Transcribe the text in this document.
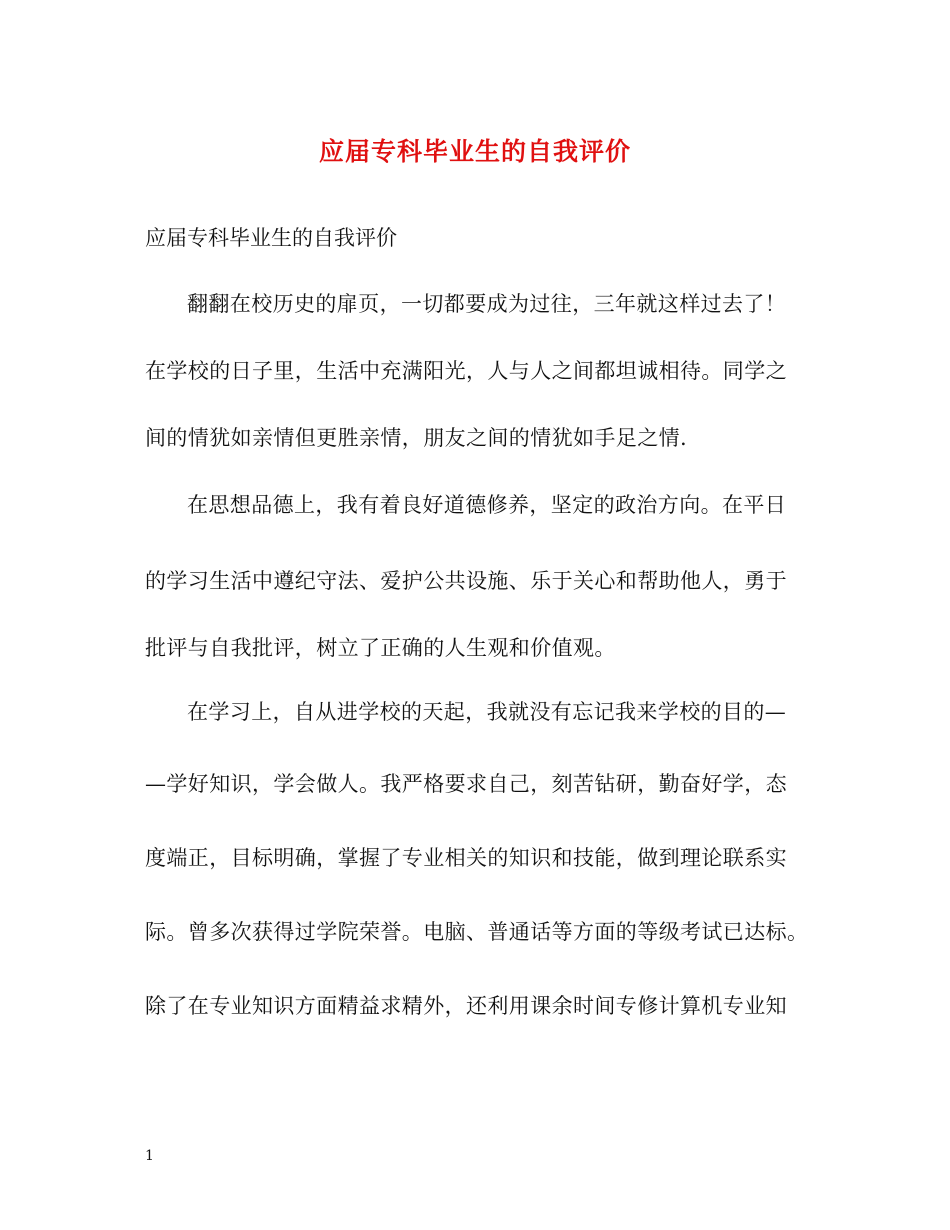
应届专科毕业生的自我评价
应届专科毕业生的自我评价
翻翻在校历史的扉页，一切都要成为过往，三年就这样过去了！
在学校的日子里，生活中充满阳光，人与人之间都坦诚相待。同学之
间的情犹如亲情但更胜亲情，朋友之间的情犹如手足之情.
在思想品德上，我有着良好道德修养，坚定的政治方向。在平日
的学习生活中遵纪守法、爱护公共设施、乐于关心和帮助他人，勇于
批评与自我批评，树立了正确的人生观和价值观。
在学习上，自从进学校的天起，我就没有忘记我来学校的目的—
—学好知识，学会做人。我严格要求自己，刻苦钻研，勤奋好学，态
度端正，目标明确，掌握了专业相关的知识和技能，做到理论联系实
际。曾多次获得过学院荣誉。电脑、普通话等方面的等级考试已达标。
除了在专业知识方面精益求精外，还利用课余时间专修计算机专业知
1
